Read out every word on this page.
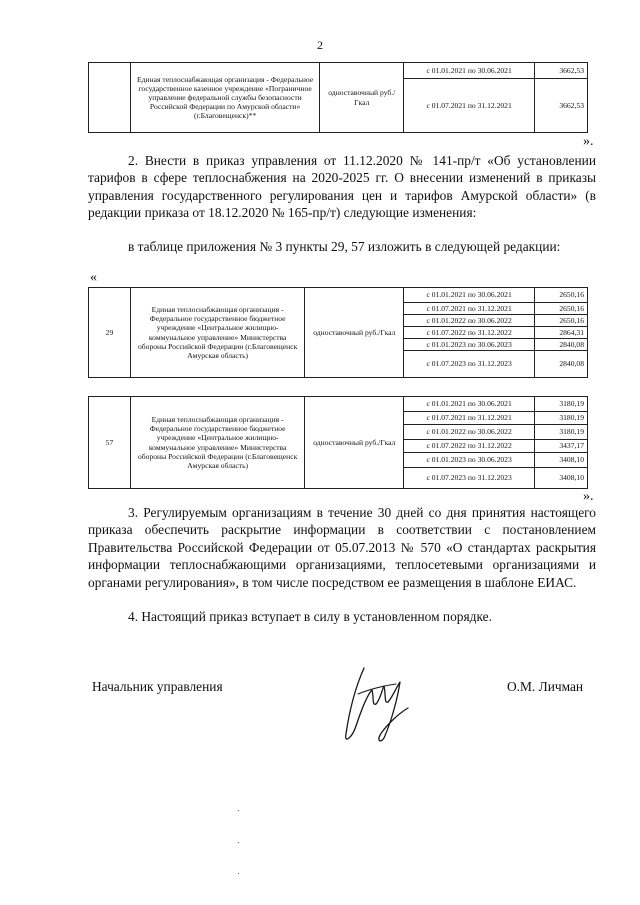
2
	Единая теплоснабжающая организация - Федеральное государственное казенное учреждение «Пограничное управление федеральной службы безопасности Российской Федерации по Амурской области» (г.Благовещенск)**	одноставочный руб./Гкал	с 01.01.2021 по 30.06.2021	3662,53
			с 01.07.2021 по 31.12.2021	3662,53
».

2. Внести в приказ управления от 11.12.2020 № 141-пр/т «Об установлении тарифов в сфере теплоснабжения на 2020-2025 гг. О внесении изменений в приказы управления государственного регулирования цен и тарифов Амурской области» (в редакции приказа от 18.12.2020 № 165-пр/т) следующие изменения:

в таблице приложения № 3 пункты 29, 57 изложить в следующей редакции:

«
29	Единая теплоснабжающая организация - Федеральное государственное бюджетное учреждение «Центральное жилищно-коммунальное управление» Министерства обороны Российской Федерации (г.Благовещенск Амурская область)	одноставочный руб./Гкал	с 01.01.2021 по 30.06.2021	2650,16
			с 01.07.2021 по 31.12.2021	2650,16
			с 01.01.2022 по 30.06.2022	2650,16
			с 01.07.2022 по 31.12.2022	2864,31
			с 01.01.2023 по 30.06.2023	2840,08
			с 01.07.2023 по 31.12.2023	2840,08
57	Единая теплоснабжающая организация - Федеральное государственное бюджетное учреждение «Центральное жилищно-коммунальное управление» Министерства обороны Российской Федерации (г.Благовещенск Амурская область)	одноставочный руб./Гкал	с 01.01.2021 по 30.06.2021	3180,19
			с 01.07.2021 по 31.12.2021	3180,19
			с 01.01.2022 по 30.06.2022	3180,19
			с 01.07.2022 по 31.12.2022	3437,17
			с 01.01.2023 по 30.06.2023	3408,10
			с 01.07.2023 по 31.12.2023	3408,10
».

3. Регулируемым организациям в течение 30 дней со дня принятия настоящего приказа обеспечить раскрытие информации в соответствии с постановлением Правительства Российской Федерации от 05.07.2013 № 570 «О стандартах раскрытия информации теплоснабжающими организациями, теплосетевыми организациями и органами регулирования», в том числе посредством ее размещения в шаблоне ЕИАС.

4. Настоящий приказ вступает в силу в установленном порядке.

Начальник управления	О.М. Личман
